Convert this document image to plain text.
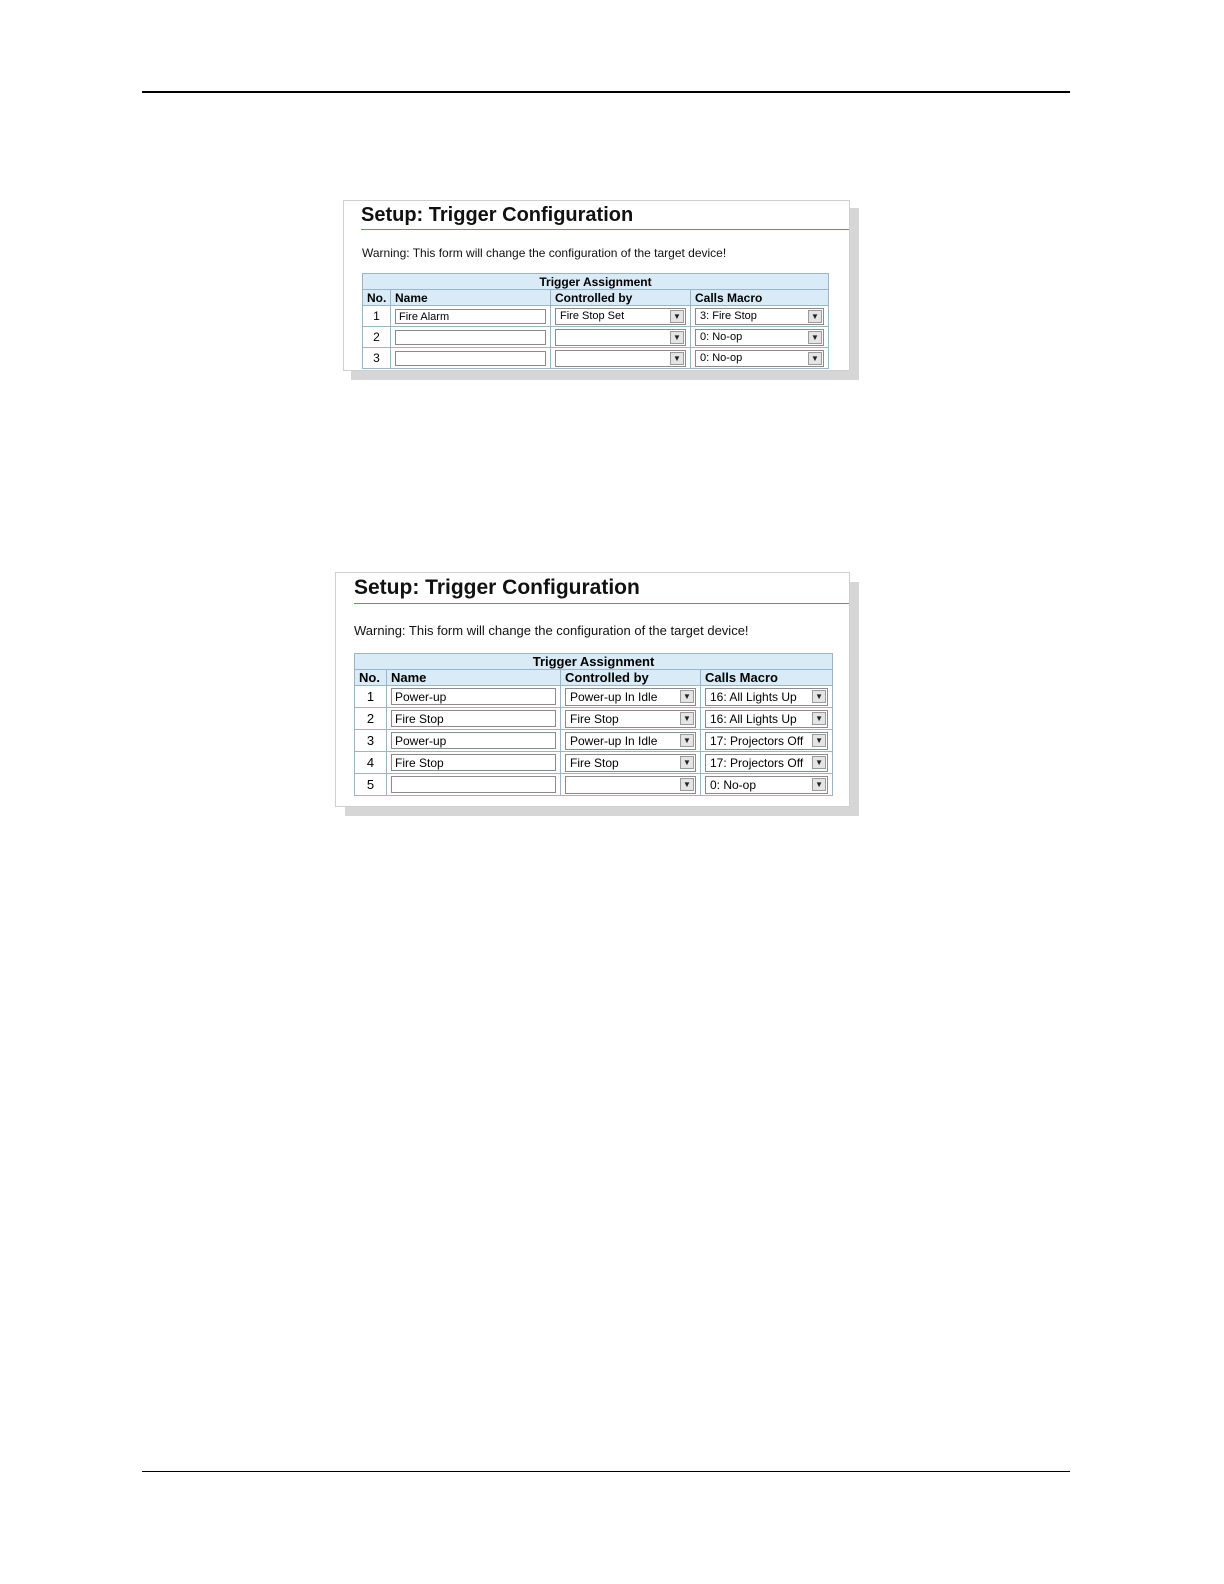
Setup: Trigger Configuration
Warning: This form will change the configuration of the target device!
Trigger Assignment			
No.	Name	Controlled by	Calls Macro
1	Fire Alarm	Fire Stop Set ▼	3: Fire Stop ▼

2		▼	0: No-op ▼

3		▼	0: No-op ▼
Setup: Trigger Configuration
Warning: This form will change the configuration of the target device!
Trigger Assignment			
No.	Name	Controlled by	Calls Macro
1	Power-up	Power-up In Idle ▼	16: All Lights Up ▼

2	Fire Stop	Fire Stop ▼	16: All Lights Up ▼

3	Power-up	Power-up In Idle ▼	17: Projectors Off ▼

4	Fire Stop	Fire Stop ▼	17: Projectors Off ▼

5		▼	0: No-op ▼
